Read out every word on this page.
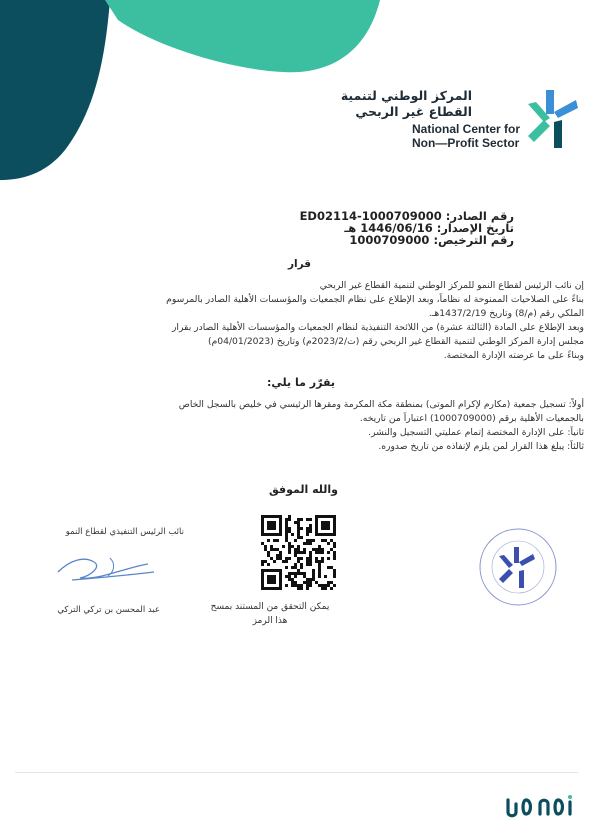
المركز الوطني لتنمية
القطاع غير الربحي
National Center for
Non—Profit Sector
رقم الصادر: ED02114-1000709000
تاريخ الإصدار: 1446/06/16 هـ
رقم الترخيص: 1000709000
قرار
إن نائب الرئيس لقطاع النمو للمركز الوطني لتنمية القطاع غير الربحي
بناءً على الصلاحيات الممنوحة له نظاماً، وبعد الإطلاع على نظام الجمعيات والمؤسسات الأهلية الصادر بالمرسوم
الملكي رقم (م/8) وتاريخ 1437/2/19هـ.
وبعد الإطلاع على المادة (الثالثة عشرة) من اللائحة التنفيذية لنظام الجمعيات والمؤسسات الأهلية الصادر بقرار
مجلس إدارة المركز الوطني لتنمية القطاع غير الربحي رقم (ت/2023/2م) وتاريخ (04/01/2023م)
وبناءً على ما عرضته الإدارة المختصة.
يقرّر ما يلي:
أولاً: تسجيل جمعية (مكارم لإكرام الموتى) بمنطقة مكة المكرمة ومقرها الرئيسي في خليص بالسجل الخاص
بالجمعيات الأهلية برقم (1000709000) اعتباراً من تاريخه.
ثانياً: على الإدارة المختصة إتمام عمليتي التسجيل والنشر.
ثالثاً: يبلغ هذا القرار لمن يلزم لإنفاذه من تاريخ صدوره.
والله الموفق
نائب الرئيس التنفيذي لقطاع النمو
عبد المحسن بن تركي التركي	يمكن التحقق من المستند بمسح
هذا الرمز
